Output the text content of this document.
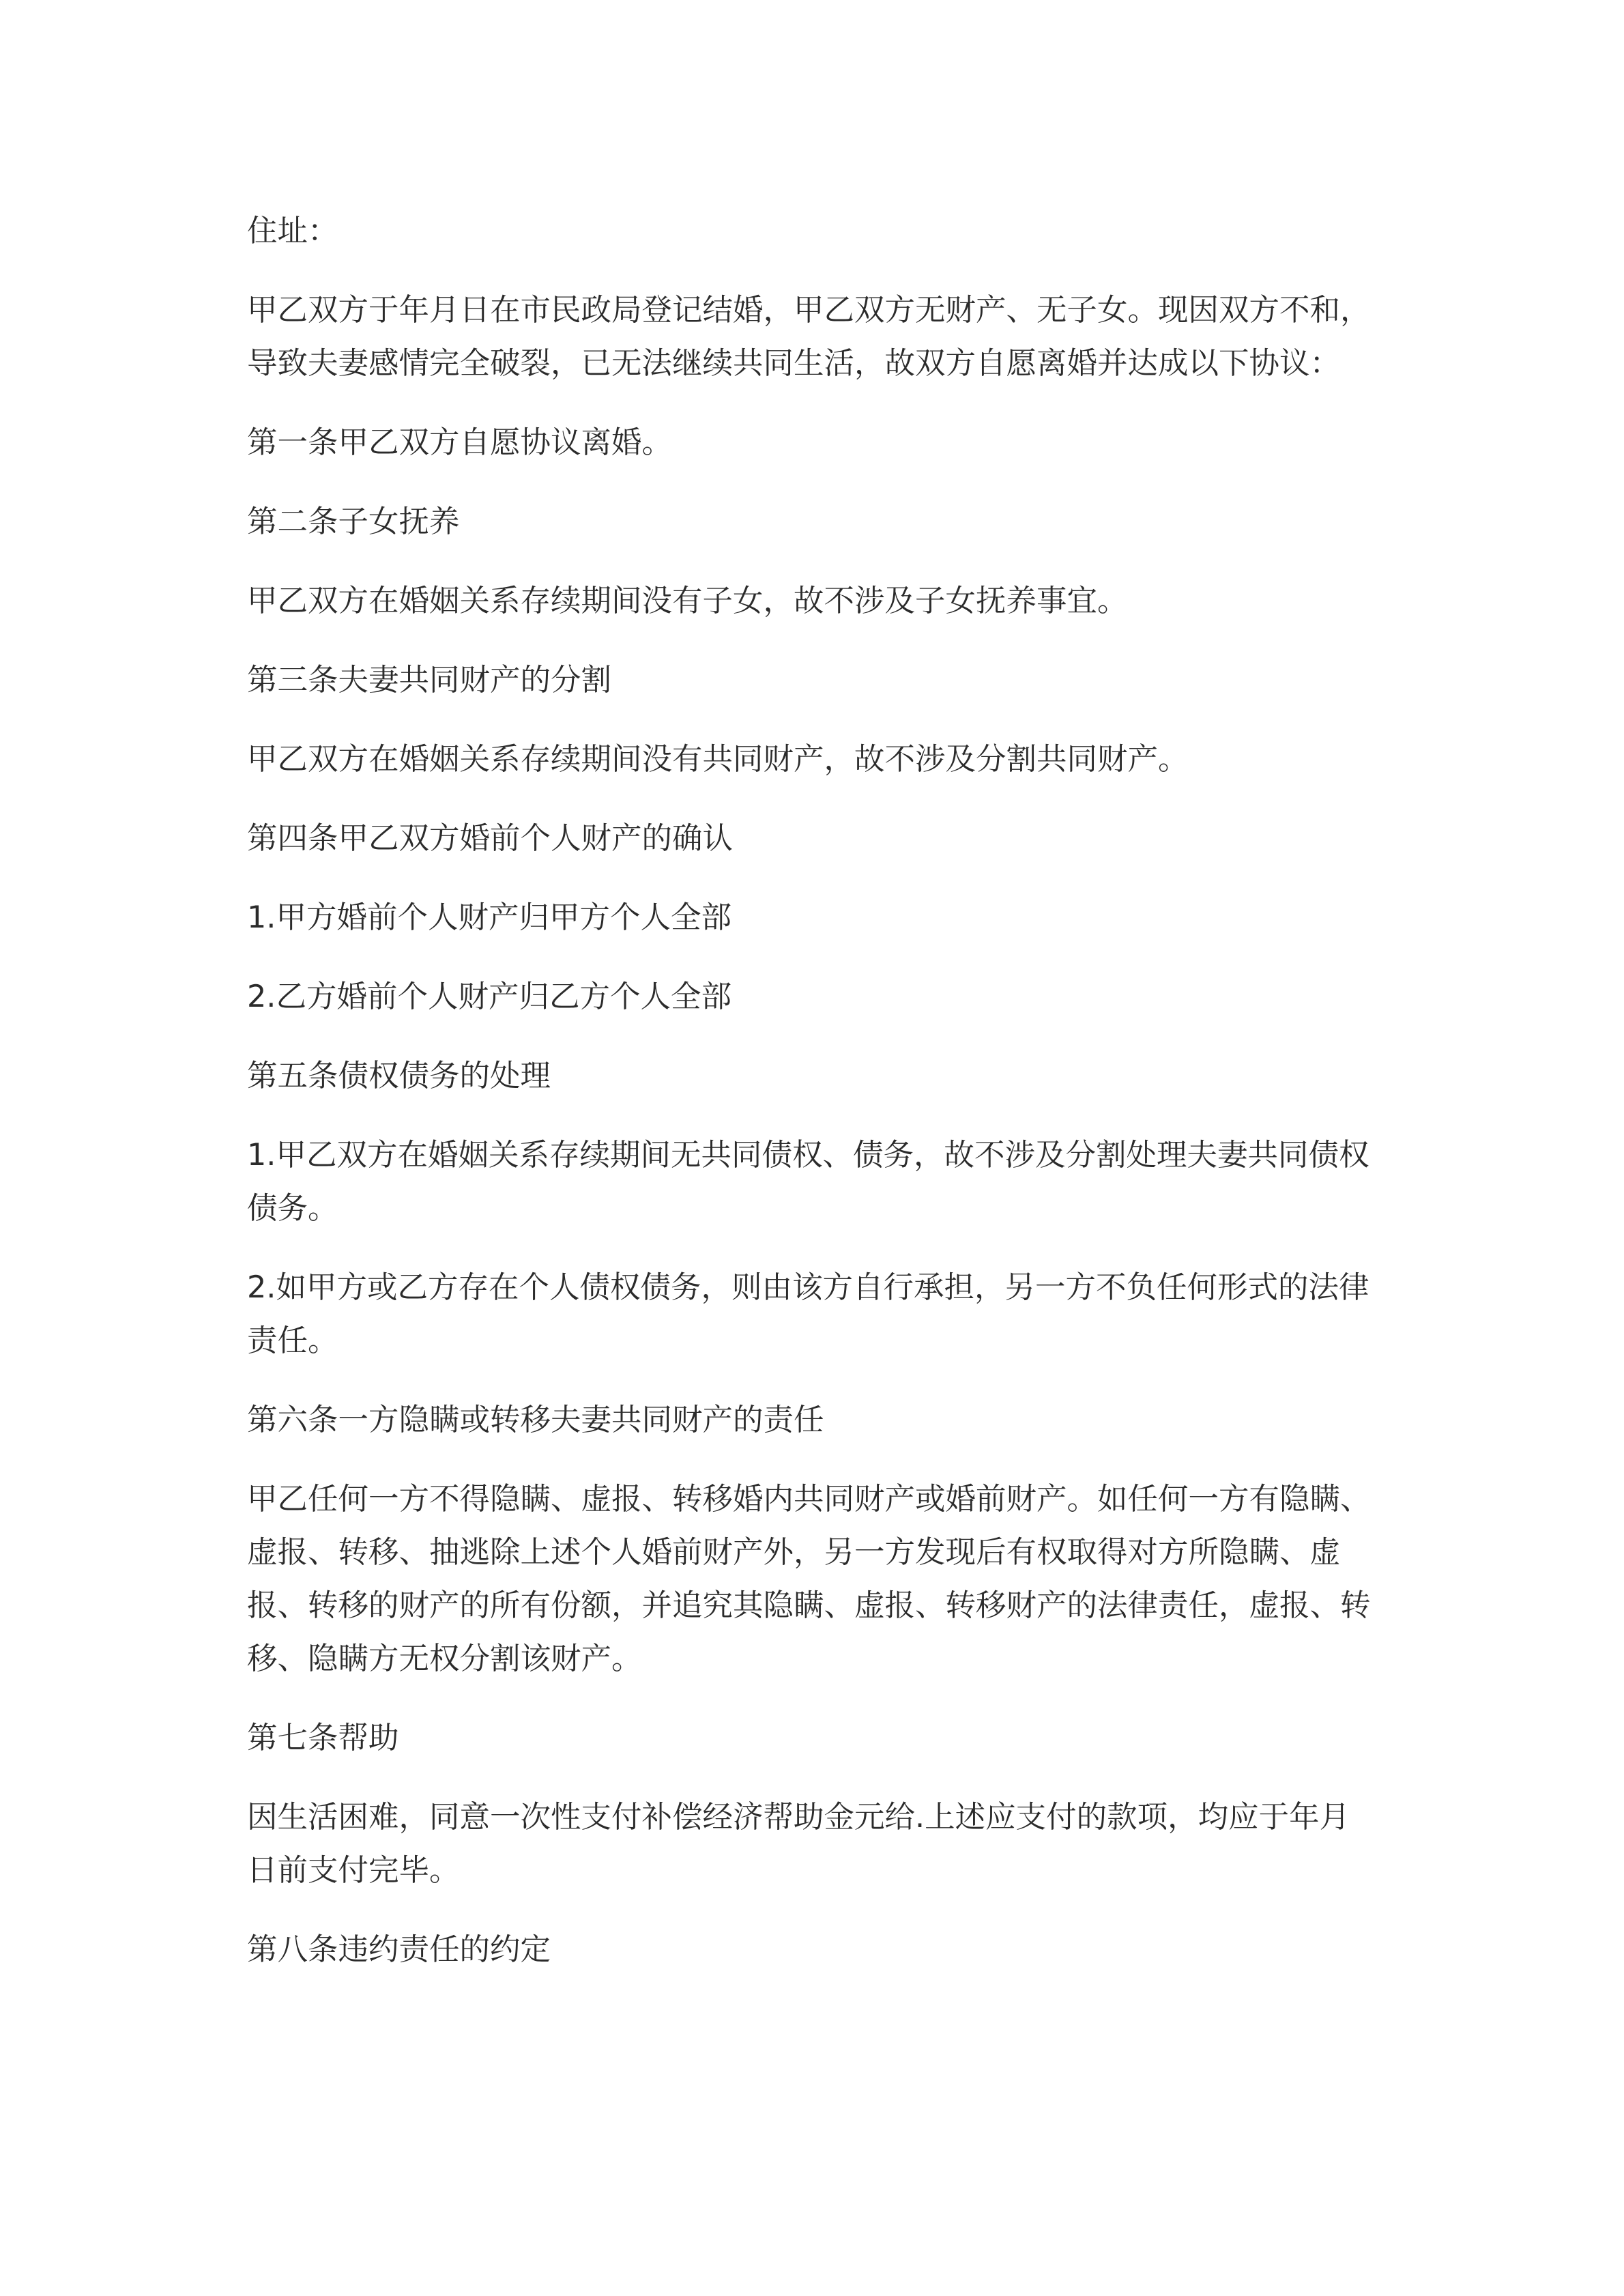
住址：

甲乙双方于年月日在市民政局登记结婚，甲乙双方无财产、无子女。现因双方不和，导致夫妻感情完全破裂，已无法继续共同生活，故双方自愿离婚并达成以下协议：

第一条甲乙双方自愿协议离婚。

第二条子女抚养

甲乙双方在婚姻关系存续期间没有子女，故不涉及子女抚养事宜。

第三条夫妻共同财产的分割

甲乙双方在婚姻关系存续期间没有共同财产，故不涉及分割共同财产。

第四条甲乙双方婚前个人财产的确认

1.甲方婚前个人财产归甲方个人全部

2.乙方婚前个人财产归乙方个人全部

第五条债权债务的处理

1.甲乙双方在婚姻关系存续期间无共同债权、债务，故不涉及分割处理夫妻共同债权债务。

2.如甲方或乙方存在个人债权债务，则由该方自行承担，另一方不负任何形式的法律责任。

第六条一方隐瞒或转移夫妻共同财产的责任

甲乙任何一方不得隐瞒、虚报、转移婚内共同财产或婚前财产。如任何一方有隐瞒、虚报、转移、抽逃除上述个人婚前财产外，另一方发现后有权取得对方所隐瞒、虚报、转移的财产的所有份额，并追究其隐瞒、虚报、转移财产的法律责任，虚报、转移、隐瞒方无权分割该财产。

第七条帮助

因生活困难，同意一次性支付补偿经济帮助金元给.上述应支付的款项，均应于年月日前支付完毕。

第八条违约责任的约定
